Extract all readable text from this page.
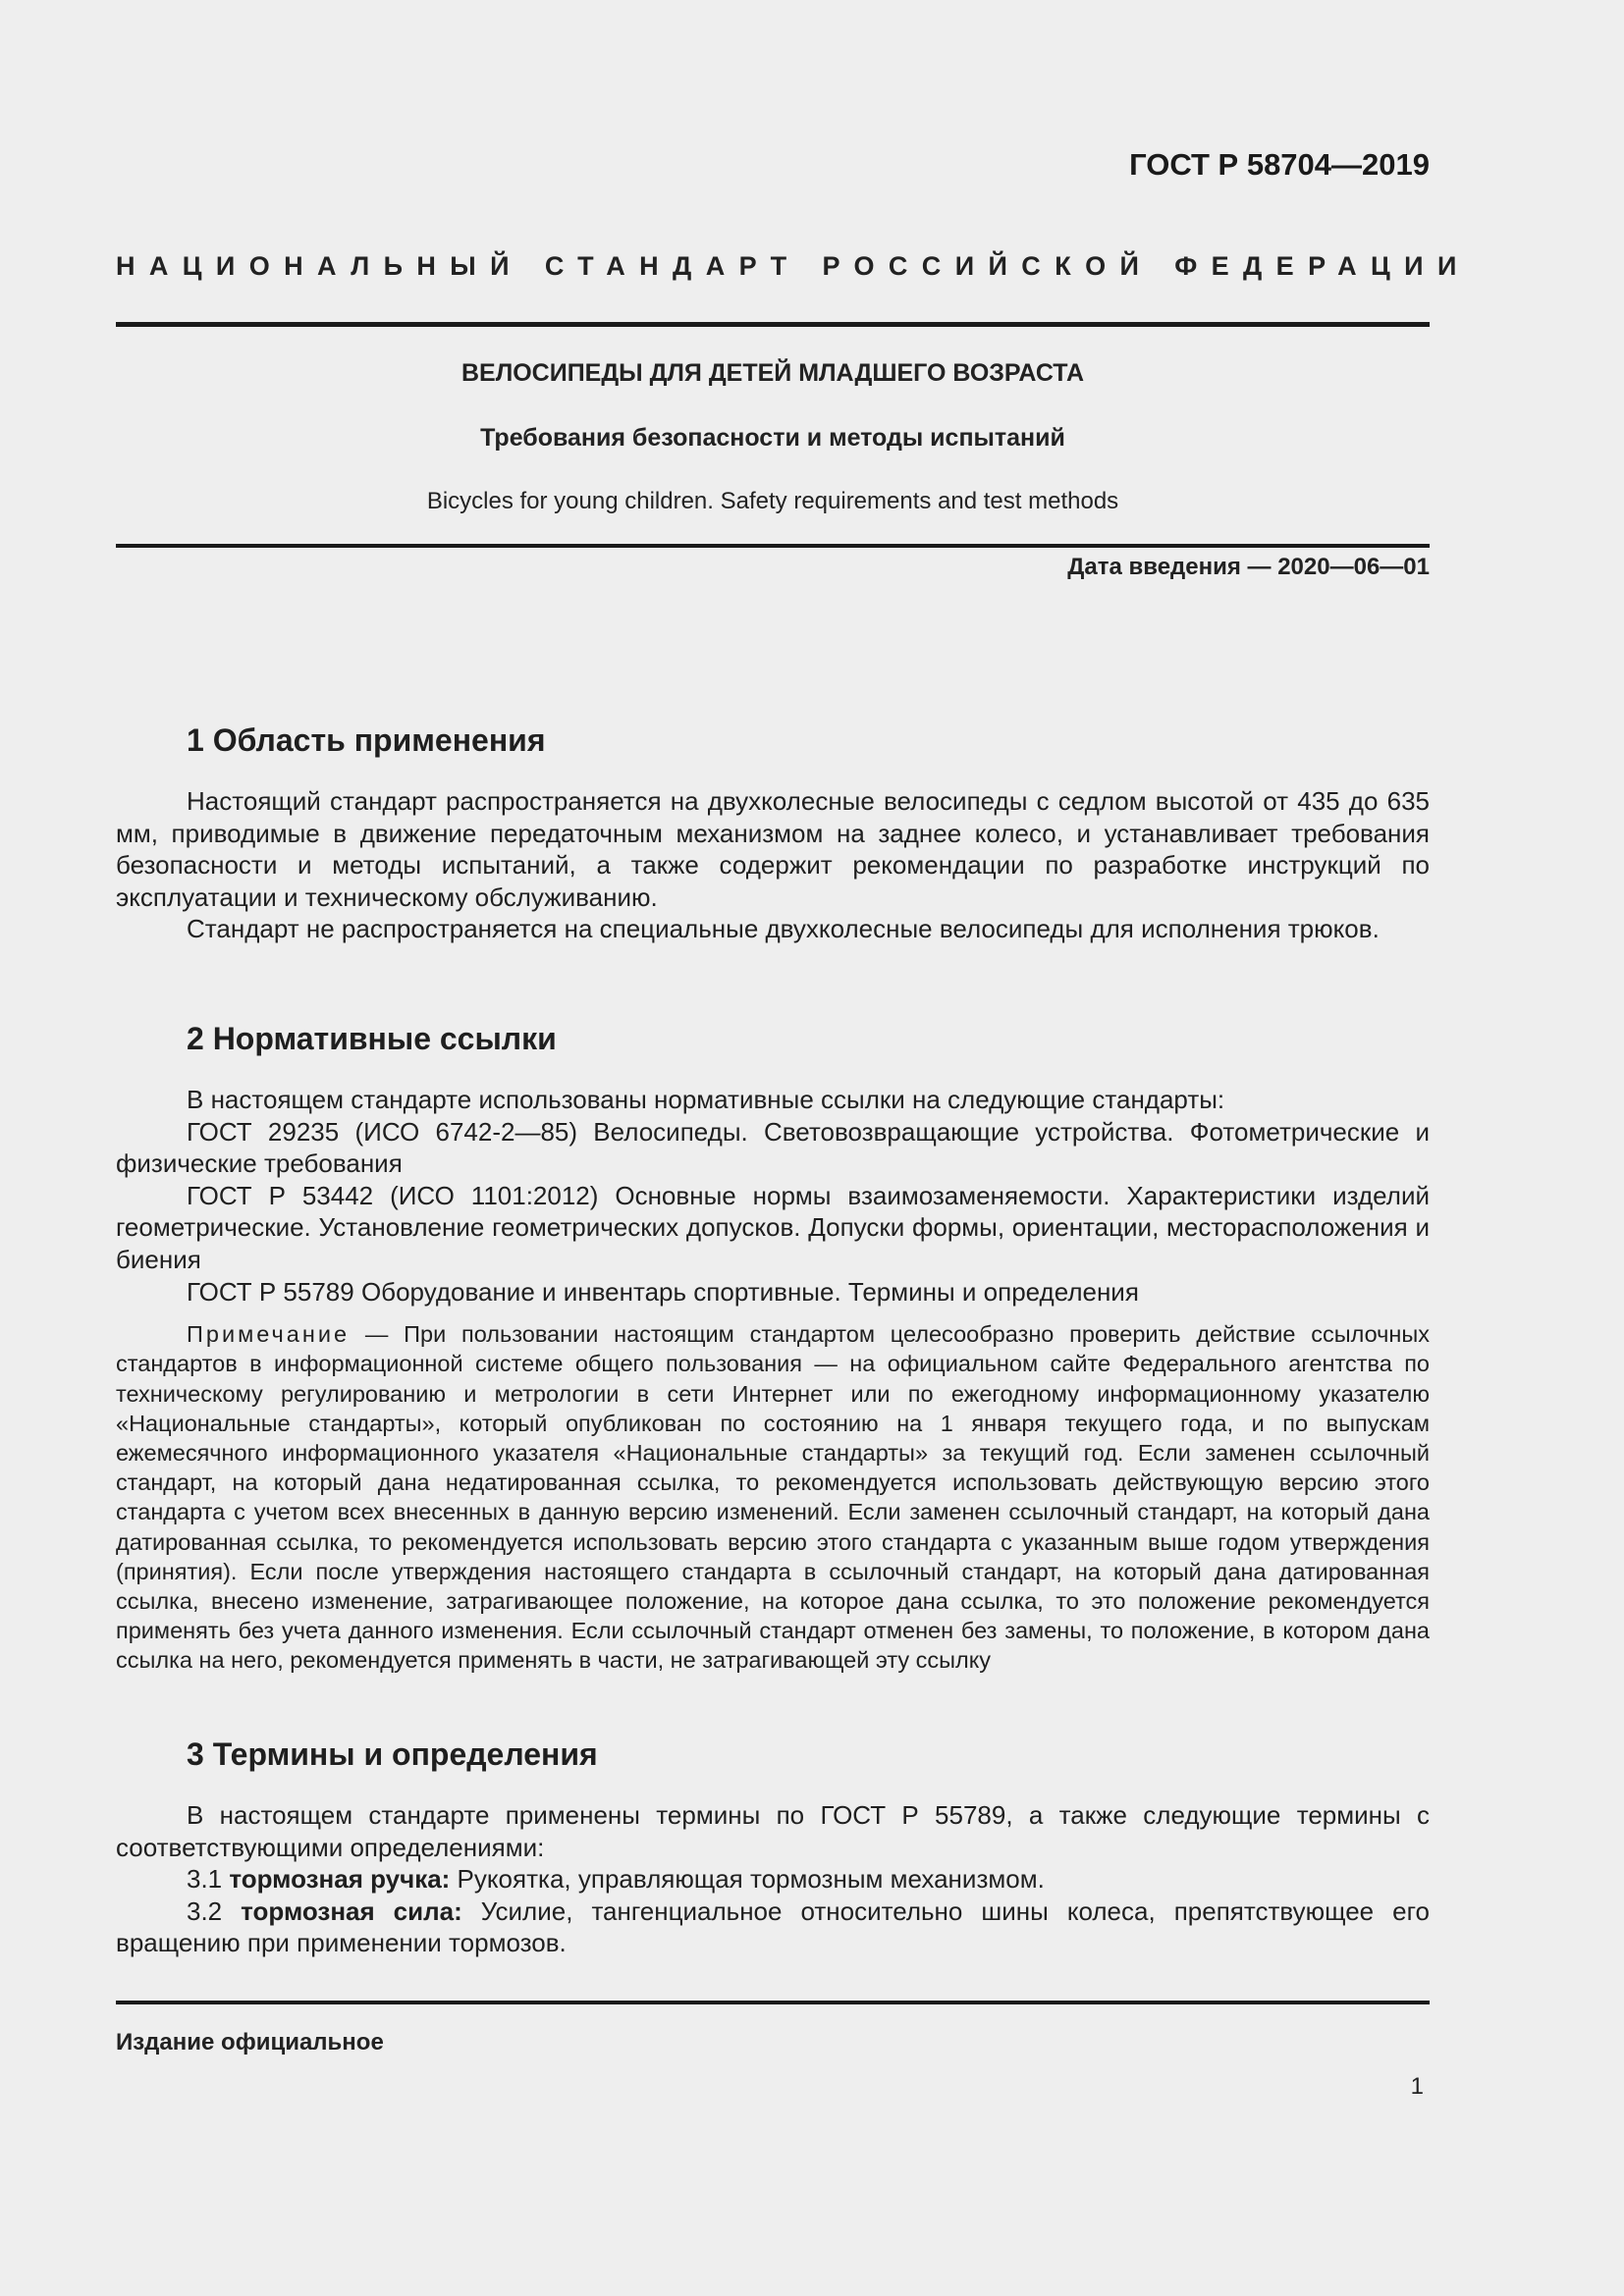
ГОСТ Р 58704—2019
НАЦИОНАЛЬНЫЙ СТАНДАРТ РОССИЙСКОЙ ФЕДЕРАЦИИ
ВЕЛОСИПЕДЫ ДЛЯ ДЕТЕЙ МЛАДШЕГО ВОЗРАСТА
Требования безопасности и методы испытаний
Bicycles for young children. Safety requirements and test methods
Дата введения — 2020—06—01
1 Область применения

Настоящий стандарт распространяется на двухколесные велосипеды с седлом высотой от 435 до 635 мм, приводимые в движение передаточным механизмом на заднее колесо, и устанавливает требования безопасности и методы испытаний, а также содержит рекомендации по разработке инструкций по эксплуатации и техническому обслуживанию.

Стандарт не распространяется на специальные двухколесные велосипеды для исполнения трюков.

2 Нормативные ссылки

В настоящем стандарте использованы нормативные ссылки на следующие стандарты:

ГОСТ 29235 (ИСО 6742-2—85) Велосипеды. Световозвращающие устройства. Фотометрические и физические требования

ГОСТ Р 53442 (ИСО 1101:2012) Основные нормы взаимозаменяемости. Характеристики изделий геометрические. Установление геометрических допусков. Допуски формы, ориентации, месторасположения и биения

ГОСТ Р 55789 Оборудование и инвентарь спортивные. Термины и определения

Примечание — При пользовании настоящим стандартом целесообразно проверить действие ссылочных стандартов в информационной системе общего пользования — на официальном сайте Федерального агентства по техническому регулированию и метрологии в сети Интернет или по ежегодному информационному указателю «Национальные стандарты», который опубликован по состоянию на 1 января текущего года, и по выпускам ежемесячного информационного указателя «Национальные стандарты» за текущий год. Если заменен ссылочный стандарт, на который дана недатированная ссылка, то рекомендуется использовать действующую версию этого стандарта с учетом всех внесенных в данную версию изменений. Если заменен ссылочный стандарт, на который дана датированная ссылка, то рекомендуется использовать версию этого стандарта с указанным выше годом утверждения (принятия). Если после утверждения настоящего стандарта в ссылочный стандарт, на который дана датированная ссылка, внесено изменение, затрагивающее положение, на которое дана ссылка, то это положение рекомендуется применять без учета данного изменения. Если ссылочный стандарт отменен без замены, то положение, в котором дана ссылка на него, рекомендуется применять в части, не затрагивающей эту ссылку

3 Термины и определения

В настоящем стандарте применены термины по ГОСТ Р 55789, а также следующие термины с соответствующими определениями:

3.1 тормозная ручка: Рукоятка, управляющая тормозным механизмом.

3.2 тормозная сила: Усилие, тангенциальное относительно шины колеса, препятствующее его вращению при применении тормозов.

Издание официальное
1
